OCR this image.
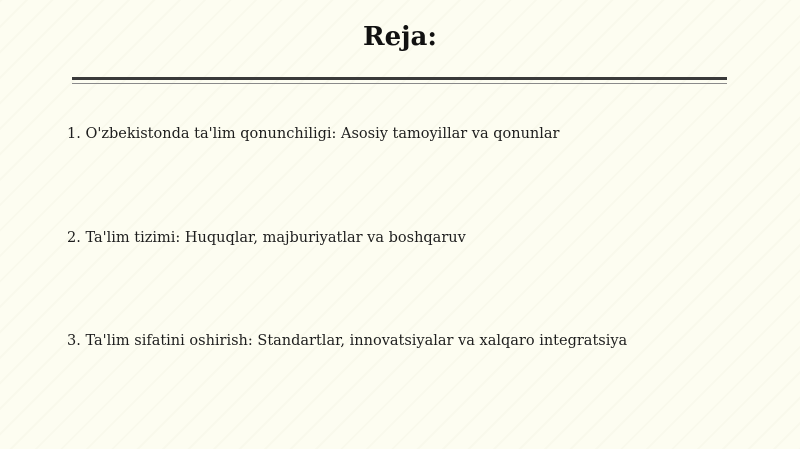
Reja:
1. O'zbekistonda ta'lim qonunchiligi: Asosiy tamoyillar va qonunlar
2. Ta'lim tizimi: Huquqlar, majburiyatlar va boshqaruv
3. Ta'lim sifatini oshirish: Standartlar, innovatsiyalar va xalqaro integratsiya
